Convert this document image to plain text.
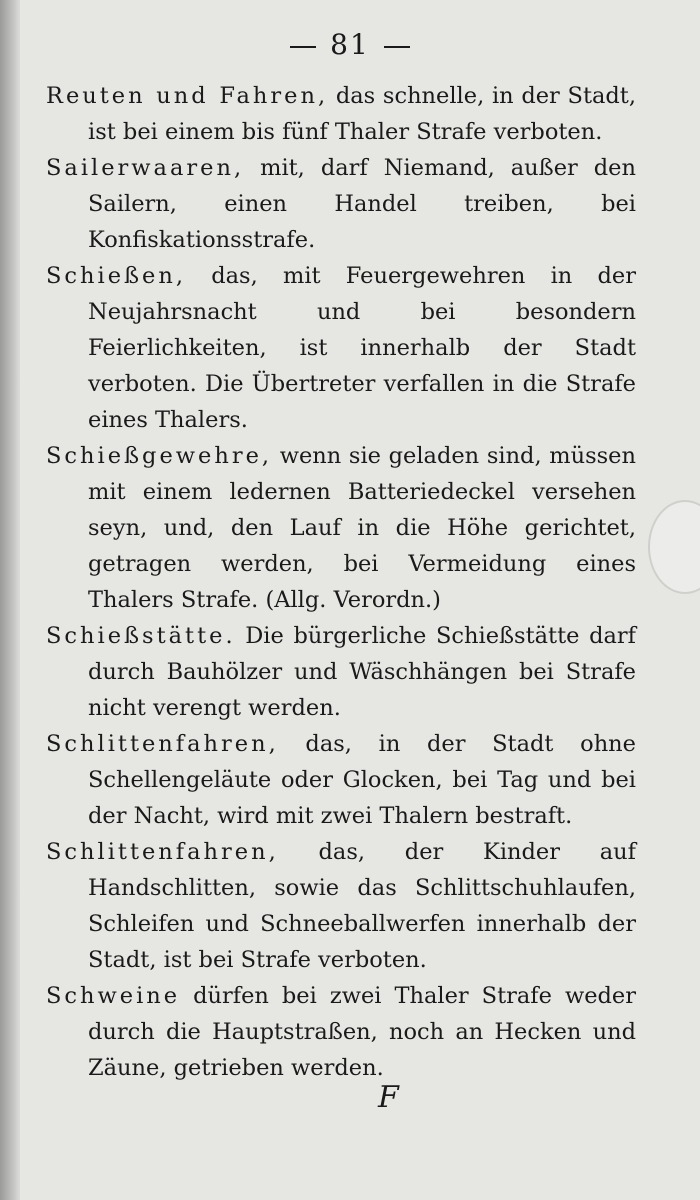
81

Reuten und Fahren, das schnelle, in der Stadt, ist bei einem bis fünf Thaler Strafe verboten.

Sailerwaaren, mit, darf Niemand, außer den Sailern, einen Handel treiben, bei Konfiskationsstrafe.

Schießen, das, mit Feuergewehren in der Neujahrsnacht und bei besondern Feierlichkeiten, ist innerhalb der Stadt verboten. Die Übertreter verfallen in die Strafe eines Thalers.

Schießgewehre, wenn sie geladen sind, müssen mit einem ledernen Batteriedeckel versehen seyn, und, den Lauf in die Höhe gerichtet, getragen werden, bei Vermeidung eines Thalers Strafe. (Allg. Verordn.)

Schießstätte. Die bürgerliche Schießstätte darf durch Bauhölzer und Wäschhängen bei Strafe nicht verengt werden.

Schlittenfahren, das, in der Stadt ohne Schellengeläute oder Glocken, bei Tag und bei der Nacht, wird mit zwei Thalern bestraft.

Schlittenfahren, das, der Kinder auf Handschlitten, sowie das Schlittschuhlaufen, Schleifen und Schneeballwerfen innerhalb der Stadt, ist bei Strafe verboten.

Schweine dürfen bei zwei Thaler Strafe weder durch die Hauptstraßen, noch an Hecken und Zäune, getrieben werden.

F
